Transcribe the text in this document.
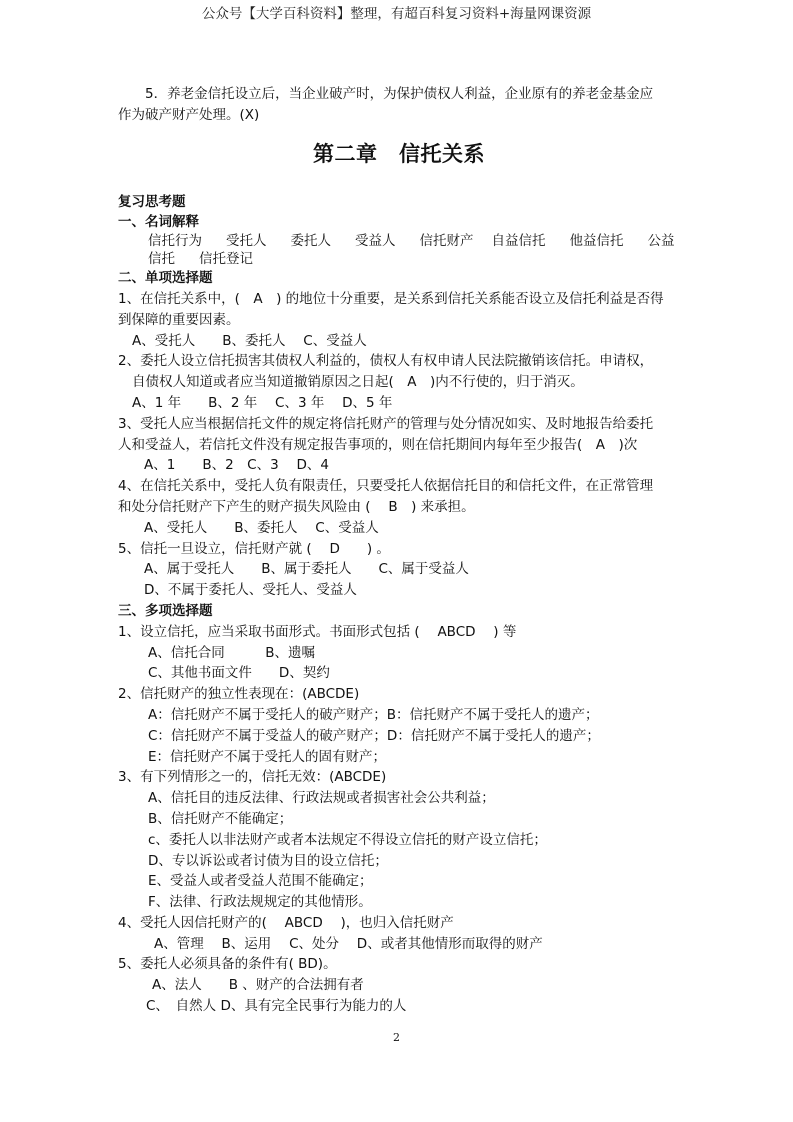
公众号【大学百科资料】整理，有超百科复习资料+海量网课资源
　　5．养老金信托设立后，当企业破产时，为保护债权人利益，企业原有的养老金基金应
作为破产财产处理。(X)
第二章　信托关系
复习思考题
一、名词解释
信托行为 受托人 委托人 受益人 信托财产 自益信托 他益信托 公益
信托 信托登记
二、单项选择题
1、在信托关系中，(　A　) 的地位十分重要，是关系到信托关系能否设立及信托利益是否得
到保障的重要因素。
A、受托人　　B、委托人　 C、受益人
2、委托人设立信托损害其债权人利益的，债权人有权申请人民法院撤销该信托。申请权，
自债权人知道或者应当知道撤销原因之日起(　A　)内不行使的，归于消灭。
A、1 年　　B、2 年　 C、3 年　 D、5 年
3、受托人应当根据信托文件的规定将信托财产的管理与处分情况如实、及时地报告给委托
人和受益人，若信托文件没有规定报告事项的，则在信托期间内每年至少报告(　A　)次
A、1　　B、2　C、3　 D、4
4、在信托关系中，受托人负有限责任，只要受托人依据信托目的和信托文件，在正常管理
和处分信托财产下产生的财产损失风险由 (　 B　) 来承担。
A、受托人　　B、委托人　 C、受益人
5、信托一旦设立，信托财产就 (　 D　　) 。
A、属于受托人　　B、属于委托人　　C、属于受益人
D、不属于委托人、受托人、受益人
三、多项选择题
1、设立信托，应当采取书面形式。书面形式包括 (　 ABCD　 ) 等
A、信托合同　　　B、遗嘱
C、其他书面文件　　D、契约
2、信托财产的独立性表现在：(ABCDE)
A：信托财产不属于受托人的破产财产；B：信托财产不属于受托人的遗产；
C：信托财产不属于受益人的破产财产；D：信托财产不属于受托人的遗产；
E：信托财产不属于受托人的固有财产；
3、有下列情形之一的，信托无效：(ABCDE)
A、信托目的违反法律、行政法规或者损害社会公共利益；
B、信托财产不能确定；
c、委托人以非法财产或者本法规定不得设立信托的财产设立信托；
D、专以诉讼或者讨债为目的设立信托；
E、受益人或者受益人范围不能确定；
F、法律、行政法规规定的其他情形。
4、受托人因信托财产的(　 ABCD　 )，也归入信托财产
A、管理　 B、运用　 C、处分　 D、或者其他情形而取得的财产
5、委托人必须具备的条件有( BD)。
A、法人　　B 、财产的合法拥有者
C、　自然人 D、具有完全民事行为能力的人
2
